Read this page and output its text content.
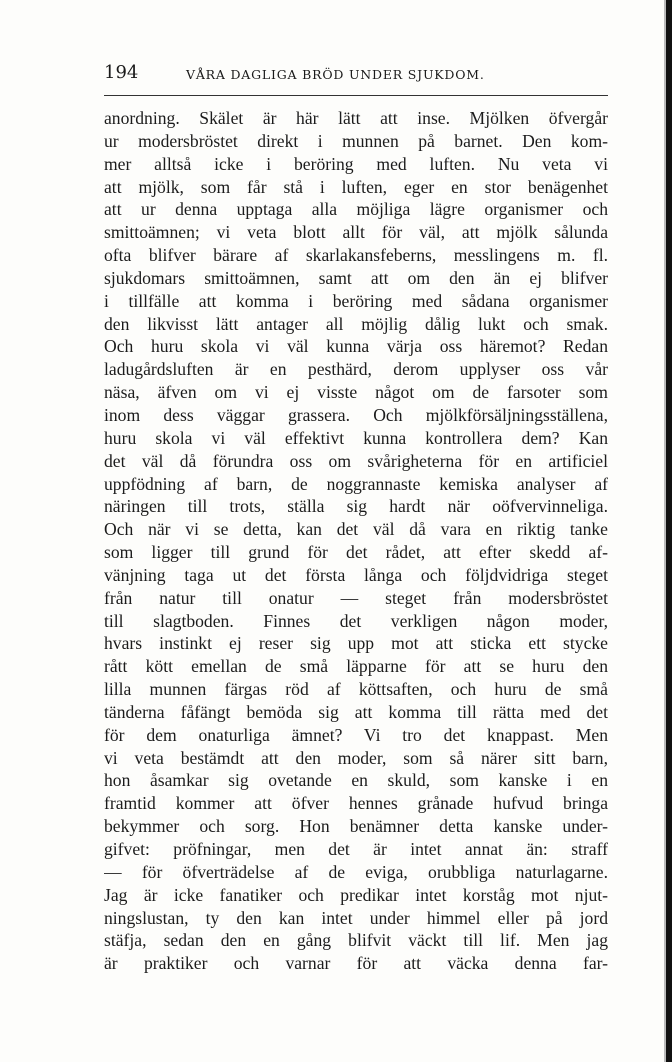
194	VÅRA DAGLIGA BRÖD UNDER SJUKDOM.
anordning. Skälet är här lätt att inse. Mjölken öfvergår
ur modersbröstet direkt i munnen på barnet. Den kom-
mer alltså icke i beröring med luften. Nu veta vi
att mjölk, som får stå i luften, eger en stor benägenhet
att ur denna upptaga alla möjliga lägre organismer och
smittoämnen; vi veta blott allt för väl, att mjölk sålunda
ofta blifver bärare af skarlakansfeberns, messlingens m. fl.
sjukdomars smittoämnen, samt att om den än ej blifver
i tillfälle att komma i beröring med sådana organismer
den likvisst lätt antager all möjlig dålig lukt och smak.
Och huru skola vi väl kunna värja oss häremot? Redan
ladugårdsluften är en pesthärd, derom upplyser oss vår
näsa, äfven om vi ej visste något om de farsoter som
inom dess väggar grassera. Och mjölkförsäljningsställena,
huru skola vi väl effektivt kunna kontrollera dem? Kan
det väl då förundra oss om svårigheterna för en artificiel
uppfödning af barn, de noggrannaste kemiska analyser af
näringen till trots, ställa sig hardt när oöfvervinneliga.
Och när vi se detta, kan det väl då vara en riktig tanke
som ligger till grund för det rådet, att efter skedd af-
vänjning taga ut det första långa och följdvidriga steget
från natur till onatur — steget från modersbröstet
till slagtboden. Finnes det verkligen någon moder,
hvars instinkt ej reser sig upp mot att sticka ett stycke
rått kött emellan de små läpparne för att se huru den
lilla munnen färgas röd af köttsaften, och huru de små
tänderna fåfängt bemöda sig att komma till rätta med det
för dem onaturliga ämnet? Vi tro det knappast. Men
vi veta bestämdt att den moder, som så närer sitt barn,
hon åsamkar sig ovetande en skuld, som kanske i en
framtid kommer att öfver hennes grånade hufvud bringa
bekymmer och sorg. Hon benämner detta kanske under-
gifvet: pröfningar, men det är intet annat än: straff
— för öfverträdelse af de eviga, orubbliga naturlagarne.
Jag är icke fanatiker och predikar intet korståg mot njut-
ningslustan, ty den kan intet under himmel eller på jord
stäfja, sedan den en gång blifvit väckt till lif. Men jag
är praktiker och varnar för att väcka denna far-
